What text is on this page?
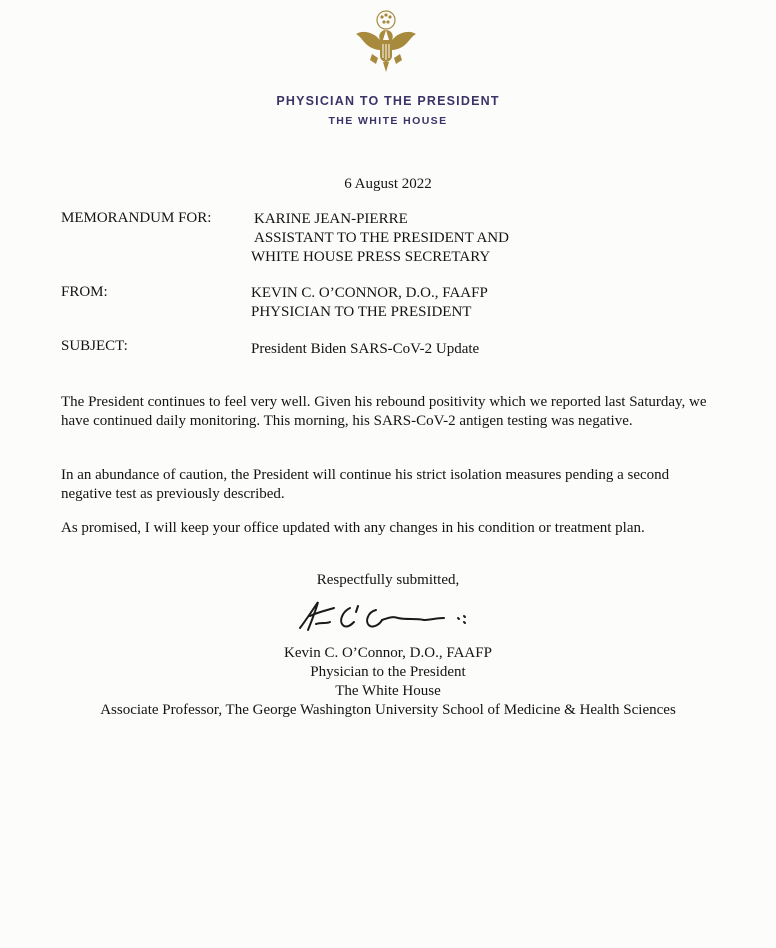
PHYSICIAN TO THE PRESIDENT
THE WHITE HOUSE
6 August 2022
MEMORANDUM FOR:	KARINE JEAN-PIERRE
ASSISTANT TO THE PRESIDENT AND
WHITE HOUSE PRESS SECRETARY
FROM:	KEVIN C. O’CONNOR, D.O., FAAFP
PHYSICIAN TO THE PRESIDENT
SUBJECT:	President Biden SARS-CoV-2 Update
The President continues to feel very well. Given his rebound positivity which we reported last Saturday, we have continued daily monitoring. This morning, his SARS-CoV-2 antigen testing was negative.
In an abundance of caution, the President will continue his strict isolation measures pending a second negative test as previously described.
As promised, I will keep your office updated with any changes in his condition or treatment plan.
Respectfully submitted,
Kevin C. O’Connor, D.O., FAAFP
Physician to the President
The White House
Associate Professor, The George Washington University School of Medicine & Health Sciences
